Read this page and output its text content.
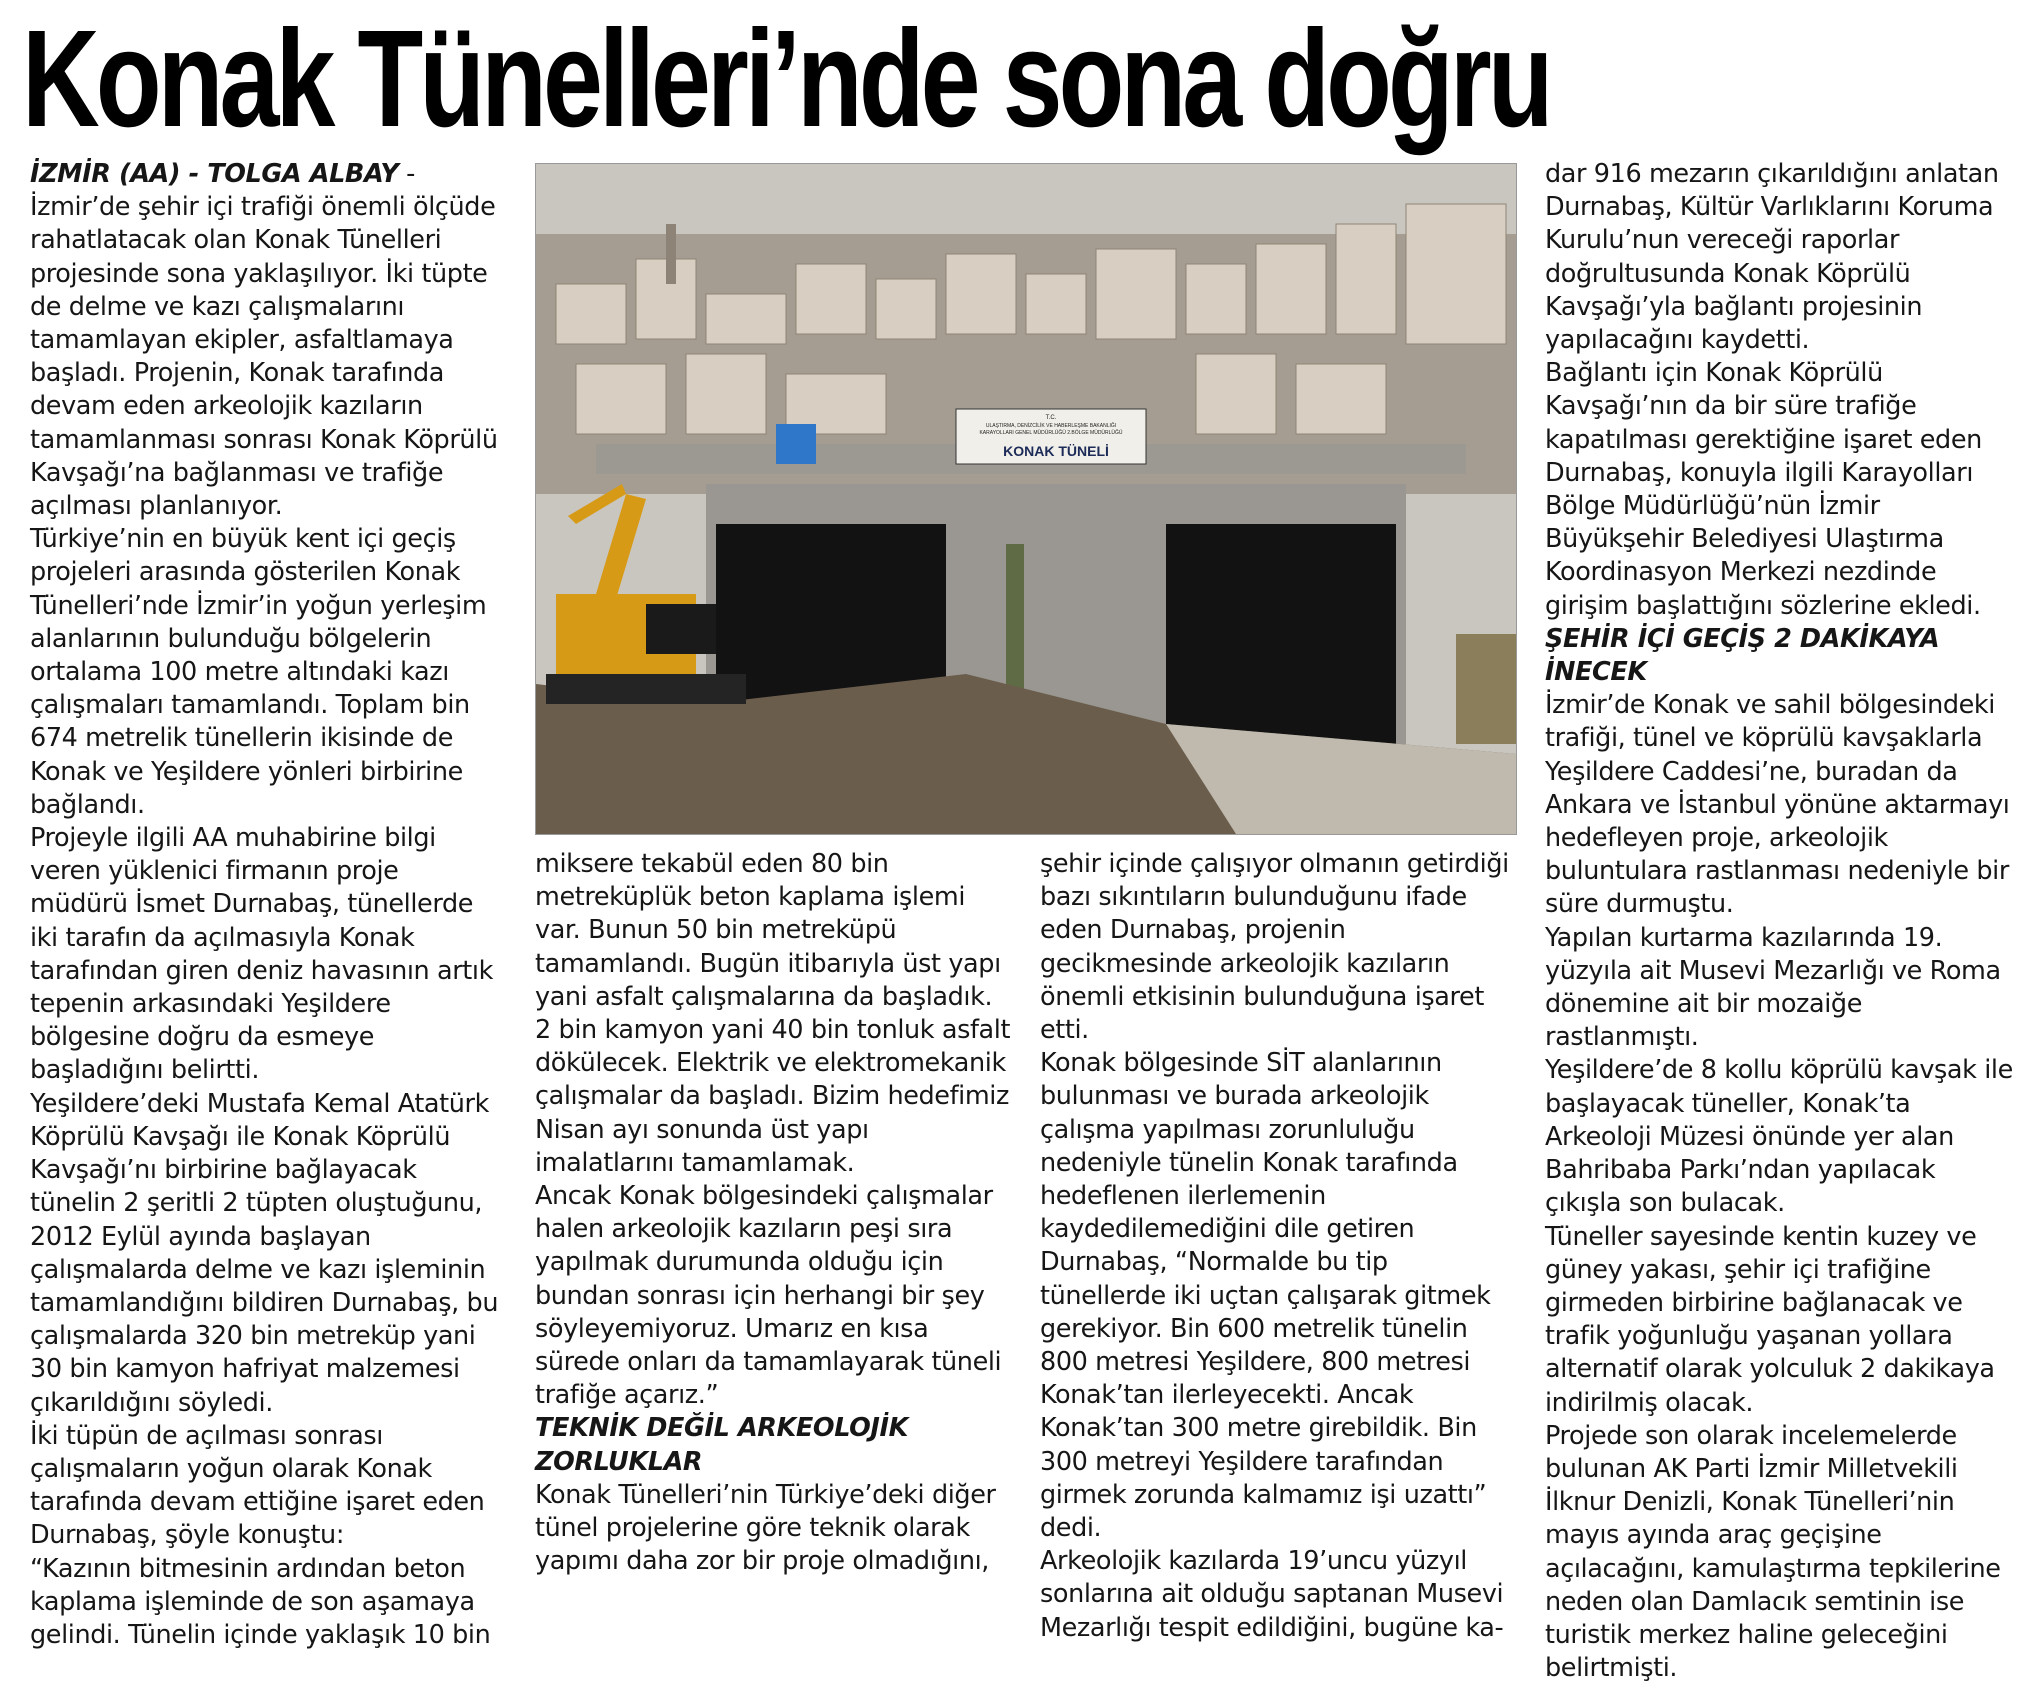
Konak Tünelleri’nde sona doğru

İZMİR (AA) - TOLGA ALBAY - İzmir’de şehir içi trafiği önemli ölçüde rahatlatacak olan Konak Tünelleri projesinde sona yaklaşılıyor. İki tüpte de delme ve kazı çalışmalarını tamamlayan ekipler, asfaltlamaya başladı. Projenin, Konak tarafında devam eden arkeolojik kazıların tamamlanması sonrası Konak Köprülü Kavşağı’na bağlanması ve trafiğe açılması planlanıyor.

Türkiye’nin en büyük kent içi geçiş projeleri arasında gösterilen Konak Tünelleri’nde İzmir’in yoğun yerleşim alanlarının bulunduğu bölgelerin ortalama 100 metre altındaki kazı çalışmaları tamamlandı. Toplam bin 674 metrelik tünellerin ikisinde de Konak ve Yeşildere yönleri birbirine bağlandı.

Projeyle ilgili AA muhabirine bilgi veren yüklenici firmanın proje müdürü İsmet Durnabaş, tünellerde iki tarafın da açılmasıyla Konak tarafından giren deniz havasının artık tepenin arkasındaki Yeşildere bölgesine doğru da esmeye başladığını belirtti.

Yeşildere’deki Mustafa Kemal Atatürk Köprülü Kavşağı ile Konak Köprülü Kavşağı’nı birbirine bağlayacak tünelin 2 şeritli 2 tüpten oluştuğunu, 2012 Eylül ayında başlayan çalışmalarda delme ve kazı işleminin tamamlandığını bildiren Durnabaş, bu çalışmalarda 320 bin metreküp yani 30 bin kamyon hafriyat malzemesi çıkarıldığını söyledi.

İki tüpün de açılması sonrası çalışmaların yoğun olarak Konak tarafında devam ettiğine işaret eden Durnabaş, şöyle konuştu:

“Kazının bitmesinin ardından beton kaplama işleminde de son aşamaya gelindi. Tünelin içinde yaklaşık 10 bin

T.C.
ULAŞTIRMA, DENİZCİLİK VE HABERLEŞME BAKANLIĞI
KARAYOLLARI GENEL MÜDÜRLÜĞÜ 2.BÖLGE MÜDÜRLÜĞÜ
KONAK TÜNELİ

miksere tekabül eden 80 bin metreküplük beton kaplama işlemi var. Bunun 50 bin metreküpü tamamlandı. Bugün itibarıyla üst yapı yani asfalt çalışmalarına da başladık. 2 bin kamyon yani 40 bin tonluk asfalt dökülecek. Elektrik ve elektromekanik çalışmalar da başladı. Bizim hedefimiz Nisan ayı sonunda üst yapı imalatlarını tamamlamak.

Ancak Konak bölgesindeki çalışmalar halen arkeolojik kazıların peşi sıra yapılmak durumunda olduğu için bundan sonrası için herhangi bir şey söyleyemiyoruz. Umarız en kısa sürede onları da tamamlayarak tüneli trafiğe açarız.”

TEKNİK DEĞİL ARKEOLOJİK ZORLUKLAR

Konak Tünelleri’nin Türkiye’deki diğer tünel projelerine göre teknik olarak yapımı daha zor bir proje olmadığını,

şehir içinde çalışıyor olmanın getirdiği bazı sıkıntıların bulunduğunu ifade eden Durnabaş, projenin gecikmesinde arkeolojik kazıların önemli etkisinin bulunduğuna işaret etti.

Konak bölgesinde SİT alanlarının bulunması ve burada arkeolojik çalışma yapılması zorunluluğu nedeniyle tünelin Konak tarafında hedeflenen ilerlemenin kaydedilemediğini dile getiren Durnabaş, “Normalde bu tip tünellerde iki uçtan çalışarak gitmek gerekiyor. Bin 600 metrelik tünelin 800 metresi Yeşildere, 800 metresi Konak’tan ilerleyecekti. Ancak Konak’tan 300 metre girebildik. Bin 300 metreyi Yeşildere tarafından girmek zorunda kalmamız işi uzattı” dedi.

Arkeolojik kazılarda 19’uncu yüzyıl sonlarına ait olduğu saptanan Musevi Mezarlığı tespit edildiğini, bugüne ka-

dar 916 mezarın çıkarıldığını anlatan Durnabaş, Kültür Varlıklarını Koruma Kurulu’nun vereceği raporlar doğrultusunda Konak Köprülü Kavşağı’yla bağlantı projesinin yapılacağını kaydetti.

Bağlantı için Konak Köprülü Kavşağı’nın da bir süre trafiğe kapatılması gerektiğine işaret eden Durnabaş, konuyla ilgili Karayolları Bölge Müdürlüğü’nün İzmir Büyükşehir Belediyesi Ulaştırma Koordinasyon Merkezi nezdinde girişim başlattığını sözlerine ekledi.

ŞEHİR İÇİ GEÇİŞ 2 DAKİKAYA İNECEK

İzmir’de Konak ve sahil bölgesindeki trafiği, tünel ve köprülü kavşaklarla Yeşildere Caddesi’ne, buradan da Ankara ve İstanbul yönüne aktarmayı hedefleyen proje, arkeolojik buluntulara rastlanması nedeniyle bir süre durmuştu.

Yapılan kurtarma kazılarında 19. yüzyıla ait Musevi Mezarlığı ve Roma dönemine ait bir mozaiğe rastlanmıştı.

Yeşildere’de 8 kollu köprülü kavşak ile başlayacak tüneller, Konak’ta Arkeoloji Müzesi önünde yer alan Bahribaba Parkı’ndan yapılacak çıkışla son bulacak.

Tüneller sayesinde kentin kuzey ve güney yakası, şehir içi trafiğine girmeden birbirine bağlanacak ve trafik yoğunluğu yaşanan yollara alternatif olarak yolculuk 2 dakikaya indirilmiş olacak.

Projede son olarak incelemelerde bulunan AK Parti İzmir Milletvekili İlknur Denizli, Konak Tünelleri’nin mayıs ayında araç geçişine açılacağını, kamulaştırma tepkilerine neden olan Damlacık semtinin ise turistik merkez haline geleceğini belirtmişti.
